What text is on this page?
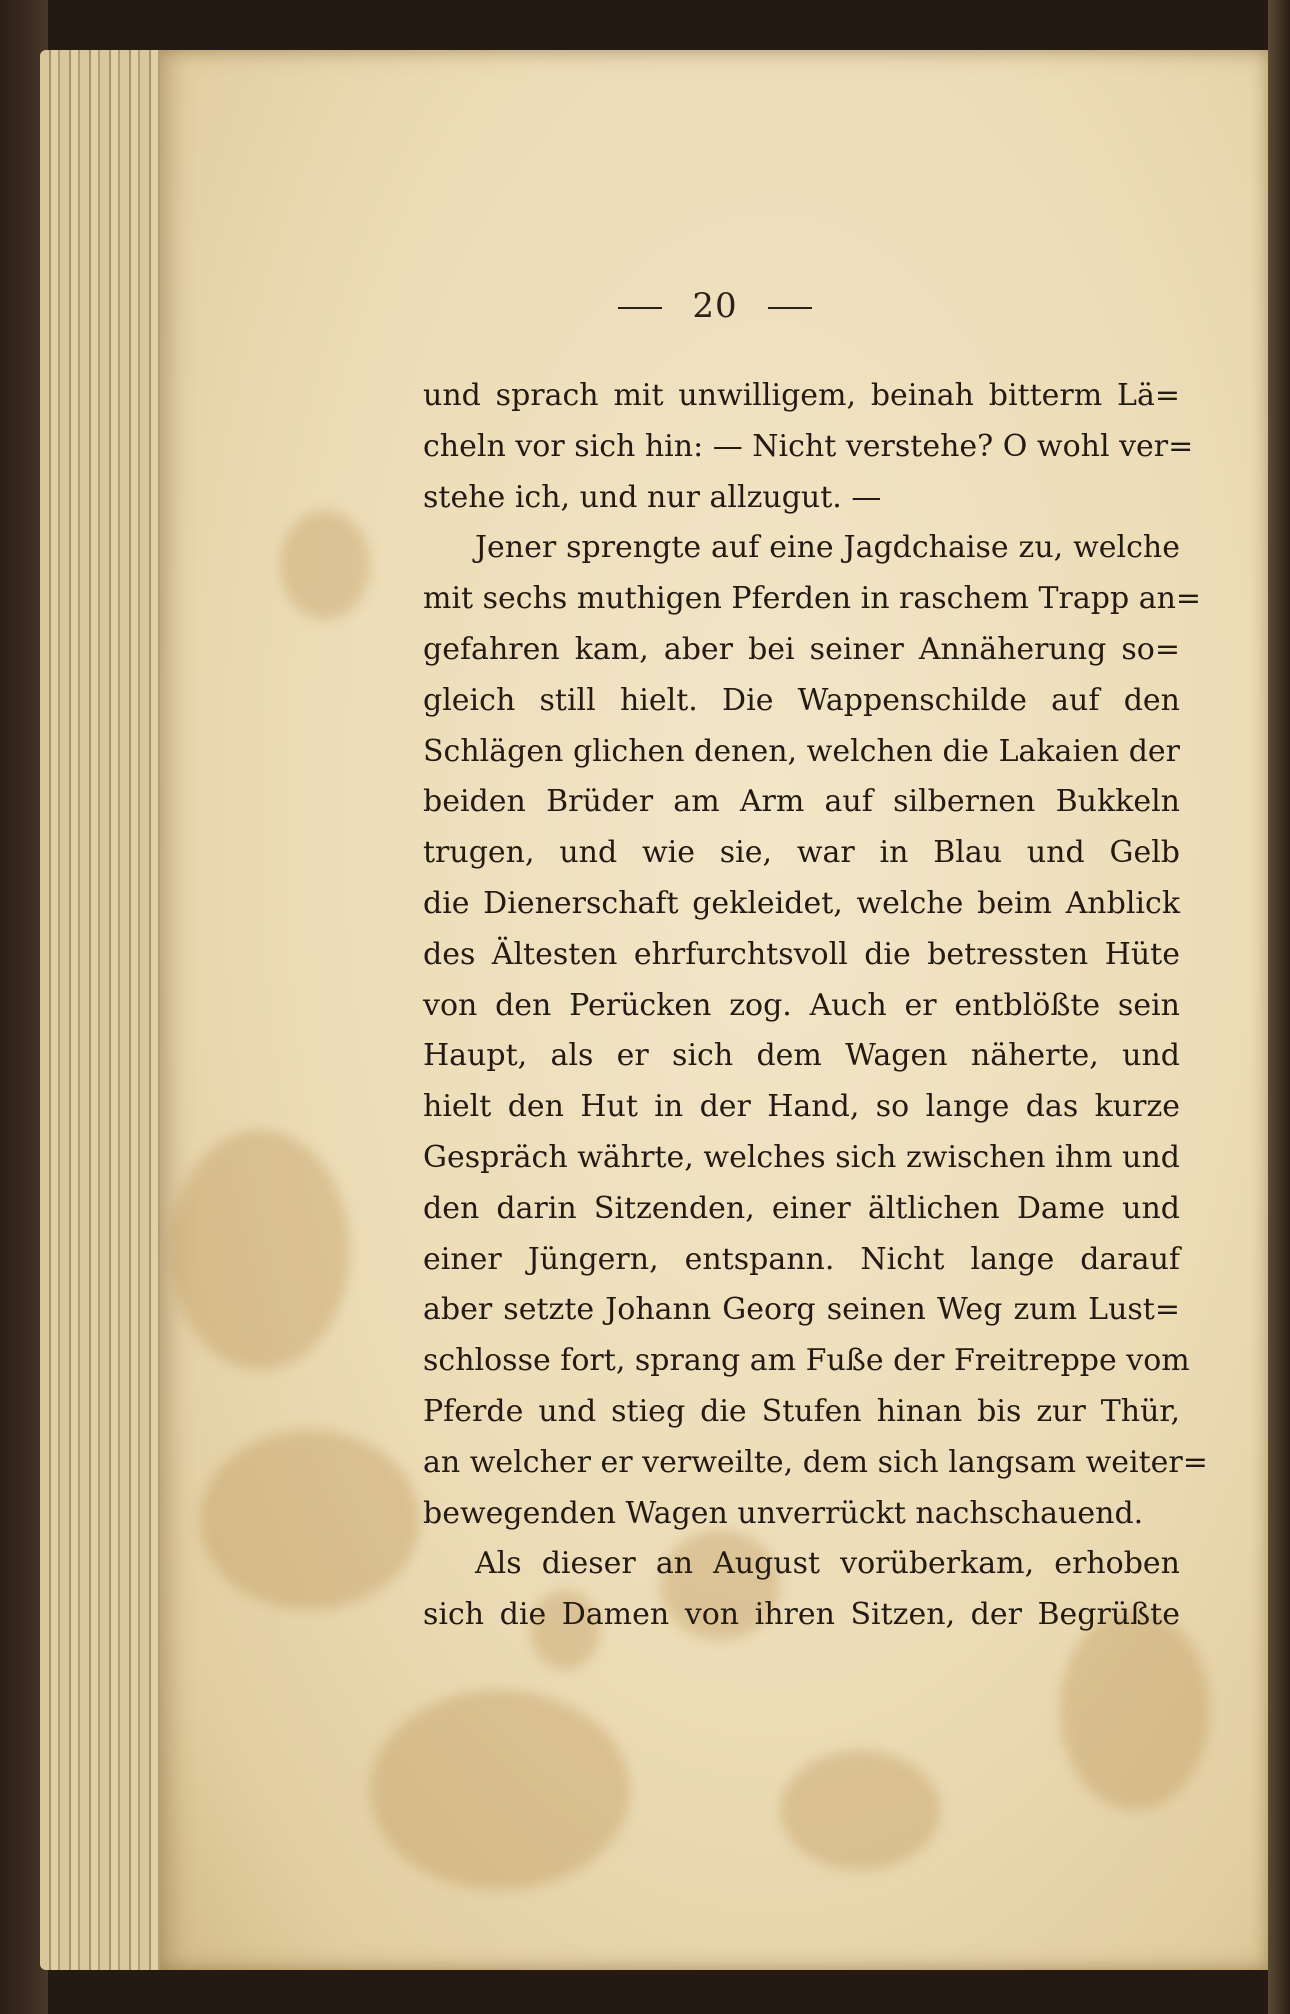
20
und sprach mit unwilligem, beinah bitterm Lä=
cheln vor sich hin: — Nicht verstehe? O wohl ver=
stehe ich, und nur allzugut. —
Jener sprengte auf eine Jagdchaise zu, welche
mit sechs muthigen Pferden in raschem Trapp an=
gefahren kam, aber bei seiner Annäherung so=
gleich still hielt. Die Wappenschilde auf den
Schlägen glichen denen, welchen die Lakaien der
beiden Brüder am Arm auf silbernen Bukkeln
trugen, und wie sie, war in Blau und Gelb
die Dienerschaft gekleidet, welche beim Anblick
des Ältesten ehrfurchtsvoll die betressten Hüte
von den Perücken zog. Auch er entblößte sein
Haupt, als er sich dem Wagen näherte, und
hielt den Hut in der Hand, so lange das kurze
Gespräch währte, welches sich zwischen ihm und
den darin Sitzenden, einer ältlichen Dame und
einer Jüngern, entspann. Nicht lange darauf
aber setzte Johann Georg seinen Weg zum Lust=
schlosse fort, sprang am Fuße der Freitreppe vom
Pferde und stieg die Stufen hinan bis zur Thür,
an welcher er verweilte, dem sich langsam weiter=
bewegenden Wagen unverrückt nachschauend.
Als dieser an August vorüberkam, erhoben
sich die Damen von ihren Sitzen, der Begrüßte
